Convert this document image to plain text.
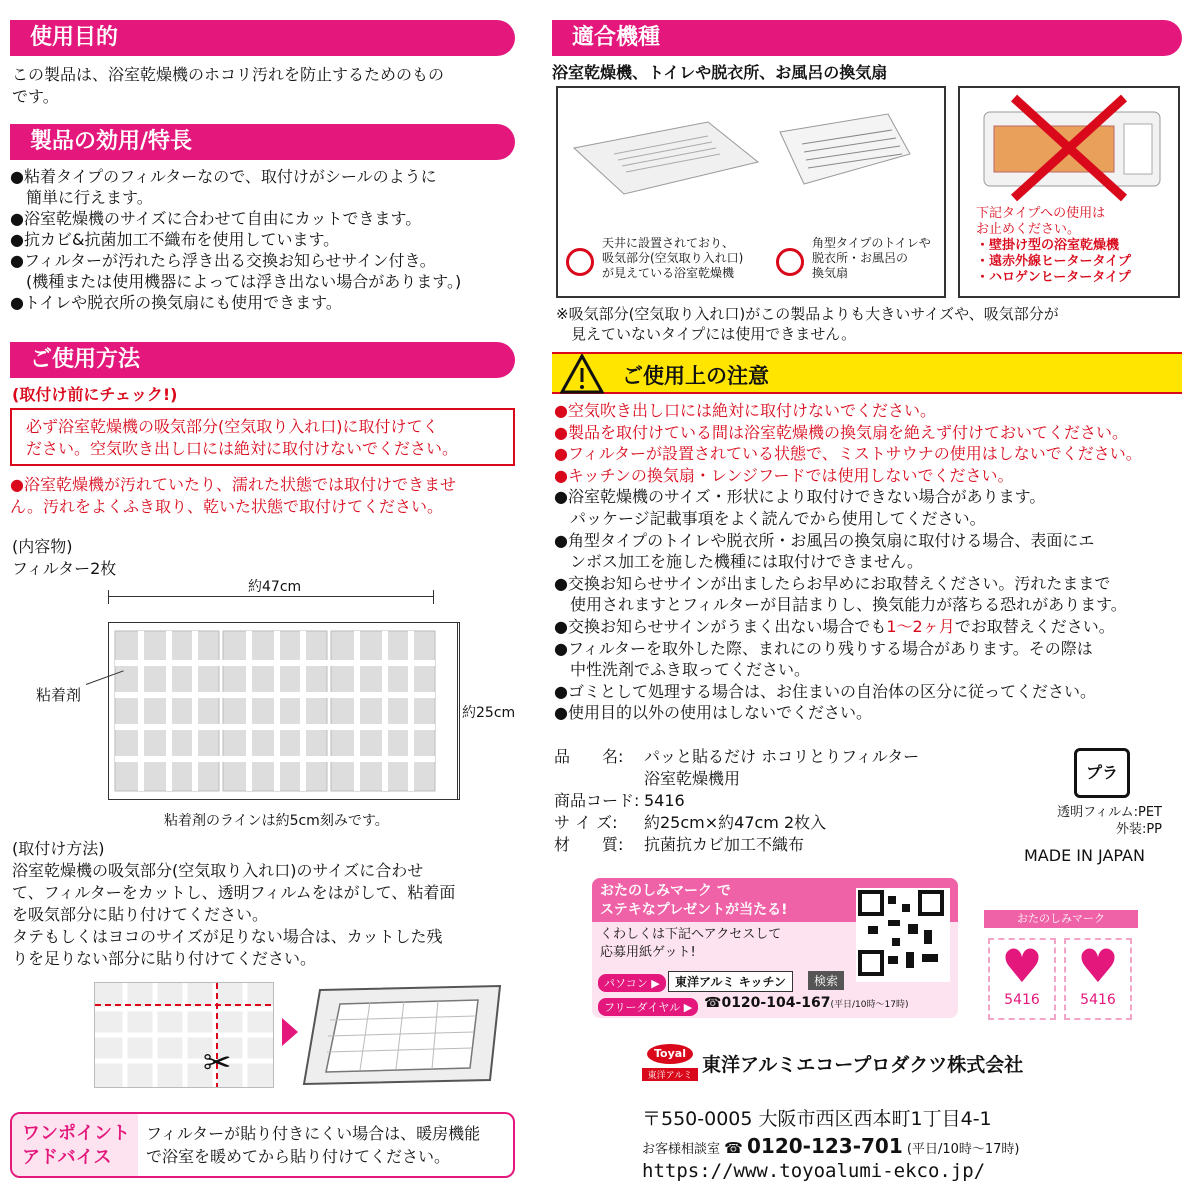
使用目的
この製品は、浴室乾燥機のホコリ汚れを防止するためのもの
です。
製品の効用/特長
●粘着タイプのフィルターなので、取付けがシールのように
　簡単に行えます。
●浴室乾燥機のサイズに合わせて自由にカットできます。
●抗カビ&抗菌加工不織布を使用しています。
●フィルターが汚れたら浮き出る交換お知らせサイン付き。
　(機種または使用機器によっては浮き出ない場合があります。)
●トイレや脱衣所の換気扇にも使用できます。
ご使用方法
(取付け前にチェック!)
必ず浴室乾燥機の吸気部分(空気取り入れ口)に取付けてく
ださい。空気吹き出し口には絶対に取付けないでください。
●浴室乾燥機が汚れていたり、濡れた状態では取付けできませ
ん。汚れをよくふき取り、乾いた状態で取付けてください。
(内容物)
フィルター2枚
約47cm
約25cm
粘着剤
粘着剤のラインは約5cm刻みです。
(取付け方法)
浴室乾燥機の吸気部分(空気取り入れ口)のサイズに合わせ
て、フィルターをカットし、透明フィルムをはがして、粘着面
を吸気部分に貼り付けてください。
タテもしくはヨコのサイズが足りない場合は、カットした残
りを足りない部分に貼り付けてください。
✂
ワンポイント
アドバイス
フィルターが貼り付きにくい場合は、暖房機能
で浴室を暖めてから貼り付けてください。
適合機種
浴室乾燥機、トイレや脱衣所、お風呂の換気扇
天井に設置されており、
吸気部分(空気取り入れ口)
が見えている浴室乾燥機
角型タイプのトイレや
脱衣所・お風呂の
換気扇
下記タイプへの使用は
お止めください。
・壁掛け型の浴室乾燥機
・遠赤外線ヒータータイプ
・ハロゲンヒータータイプ
※吸気部分(空気取り入れ口)がこの製品よりも大きいサイズや、吸気部分が
　見えていないタイプには使用できません。
ご使用上の注意
●空気吹き出し口には絶対に取付けないでください。
●製品を取付けている間は浴室乾燥機の換気扇を絶えず付けておいてください。
●フィルターが設置されている状態で、ミストサウナの使用はしないでください。
●キッチンの換気扇・レンジフードでは使用しないでください。
●浴室乾燥機のサイズ・形状により取付けできない場合があります。
　パッケージ記載事項をよく読んでから使用してください。
●角型タイプのトイレや脱衣所・お風呂の換気扇に取付ける場合、表面にエ
　ンボス加工を施した機種には取付けできません。
●交換お知らせサインが出ましたらお早めにお取替えください。汚れたままで
　使用されますとフィルターが目詰まりし、換気能力が落ちる恐れがあります。
●交換お知らせサインがうまく出ない場合でも1〜2ヶ月でお取替えください。
●フィルターを取外した際、まれにのり残りする場合があります。その際は
　中性洗剤でふき取ってください。
●ゴミとして処理する場合は、お住まいの自治体の区分に従ってください。
●使用目的以外の使用はしないでください。
品　　名: パッと貼るだけ ホコリとりフィルター
浴室乾燥機用
商品コード: 5416
サ イ ズ: 約25cm×約47cm 2枚入
材　　質: 抗菌抗カビ加工不織布
プラ
透明フィルム:PET
外装:PP
MADE IN JAPAN
おたのしみマーク で
ステキなプレゼントが当たる!
くわしくは下記へアクセスして
応募用紙ゲット!
パソコン ▶	東洋アルミ キッチン	検索
フリーダイヤル ▶ ☎0120-104-167(平日/10時〜17時)
おたのしみマーク
♥
5416
♥
5416
Toyal
東洋アルミ 東洋アルミエコープロダクツ株式会社
〒550-0005 大阪市西区西本町1丁目4-1
お客様相談室 ☎ 0120-123-701 (平日/10時〜17時)
https://www.toyoalumi-ekco.jp/
